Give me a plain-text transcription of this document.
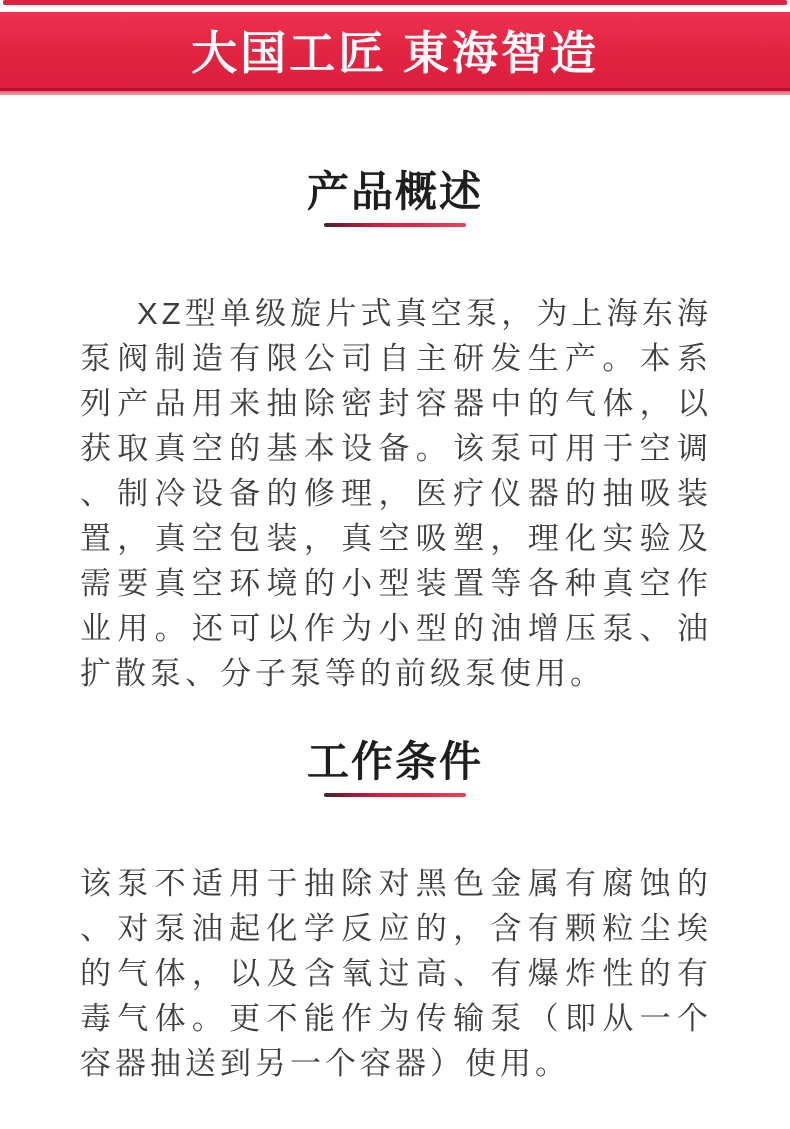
大国工匠 東海智造
产品概述
XZ型单级旋片式真空泵，为上海东海
泵阀制造有限公司自主研发生产。本系
列产品用来抽除密封容器中的气体，以
获取真空的基本设备。该泵可用于空调
、制冷设备的修理，医疗仪器的抽吸装
置，真空包装，真空吸塑，理化实验及
需要真空环境的小型装置等各种真空作
业用。还可以作为小型的油增压泵、油
扩散泵、分子泵等的前级泵使用。
工作条件
该泵不适用于抽除对黑色金属有腐蚀的
、对泵油起化学反应的，含有颗粒尘埃
的气体，以及含氧过高、有爆炸性的有
毒气体。更不能作为传输泵（即从一个
容器抽送到另一个容器）使用。
